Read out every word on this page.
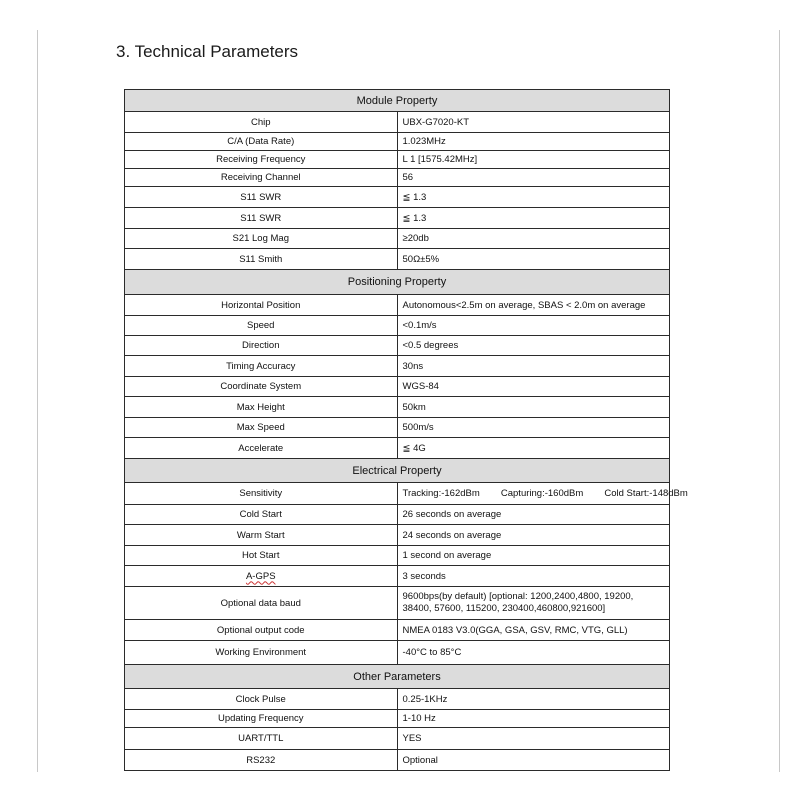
3. Technical Parameters
Module Property	
Chip	UBX-G7020-KT
C/A (Data Rate)	1.023MHz
Receiving Frequency	L 1 [1575.42MHz]
Receiving Channel	56
S11 SWR	≦ 1.3
S11 SWR	≦ 1.3
S21 Log Mag	≥20db
S11 Smith	50Ω±5%
Positioning Property	
Horizontal Position	Autonomous<2.5m on average, SBAS < 2.0m on average
Speed	<0.1m/s
Direction	<0.5 degrees
Timing Accuracy	30ns
Coordinate System	WGS-84
Max Height	50km
Max Speed	500m/s
Accelerate	≦ 4G
Electrical Property	
Sensitivity	Tracking:-162dBm        Capturing:-160dBm        Cold Start:-148dBm
Cold Start	26 seconds on average
Warm Start	24 seconds on average
Hot Start	1 second on average
A-GPS	3 seconds
Optional data baud	9600bps(by default) [optional: 1200,2400,4800, 19200, 38400, 57600, 115200, 230400,460800,921600]
Optional output code	NMEA 0183 V3.0(GGA, GSA, GSV, RMC, VTG, GLL)
Working Environment	-40°C to 85°C
Other Parameters	
Clock Pulse	0.25-1KHz
Updating Frequency	1-10 Hz
UART/TTL	YES
RS232	Optional
